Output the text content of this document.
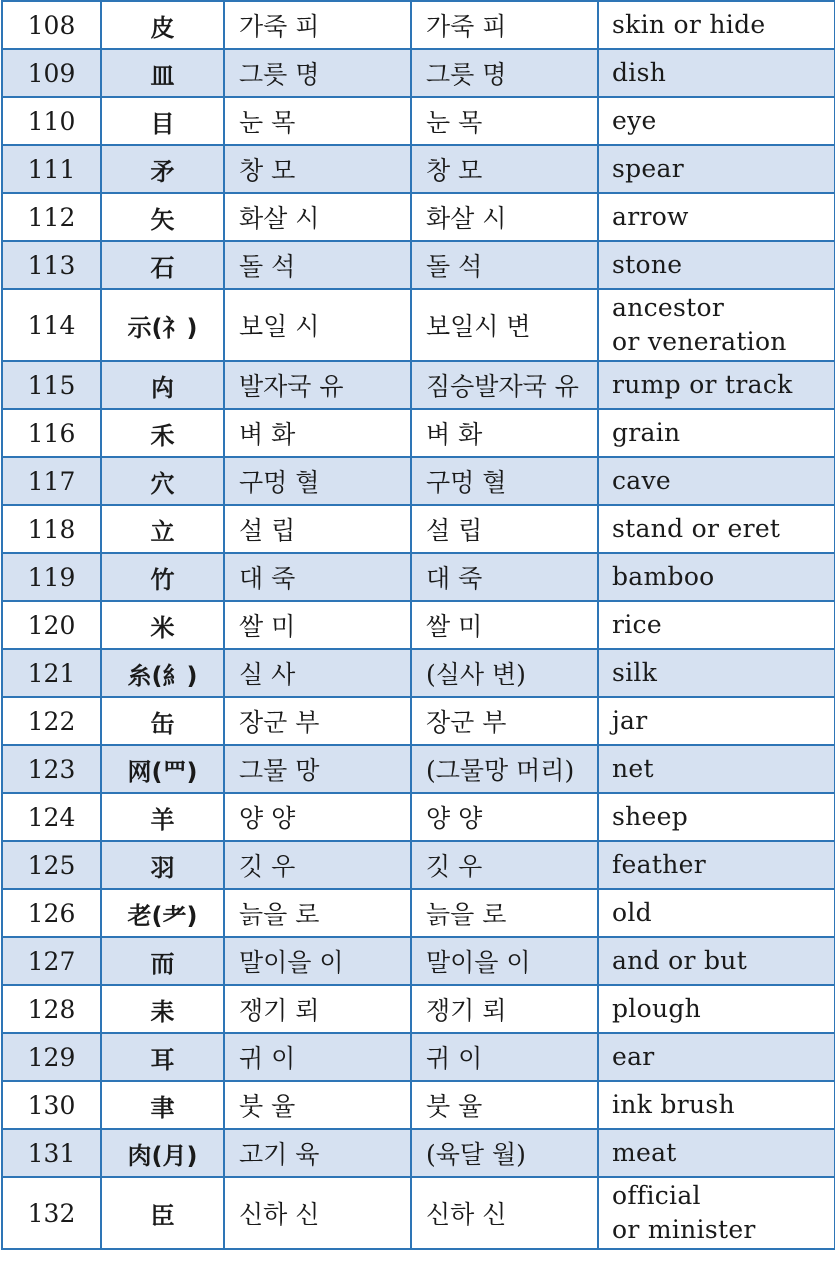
108	皮	가죽 피	가죽 피	skin or hide

109	皿	그릇 명	그릇 명	dish

110	目	눈 목	눈 목	eye

111	矛	창 모	창 모	spear

112	矢	화살 시	화살 시	arrow

113	石	돌 석	돌 석	stone

114	示(礻)	보일 시	보일시 변	ancestor
or veneration

115	禸	발자국 유	짐승발자국 유	rump or track

116	禾	벼 화	벼 화	grain

117	穴	구멍 혈	구멍 혈	cave

118	立	설 립	설 립	stand or eret

119	竹	대 죽	대 죽	bamboo

120	米	쌀 미	쌀 미	rice

121	糸(糹)	실 사	(실사 변)	silk

122	缶	장군 부	장군 부	jar

123	网(罒)	그물 망	(그물망 머리)	net

124	羊	양 양	양 양	sheep

125	羽	깃 우	깃 우	feather

126	老(耂)	늙을 로	늙을 로	old

127	而	말이을 이	말이을 이	and or but

128	耒	쟁기 뢰	쟁기 뢰	plough

129	耳	귀 이	귀 이	ear

130	聿	붓 율	붓 율	ink brush

131	肉(月)	고기 육	(육달 월)	meat

132	臣	신하 신	신하 신	official
or minister
